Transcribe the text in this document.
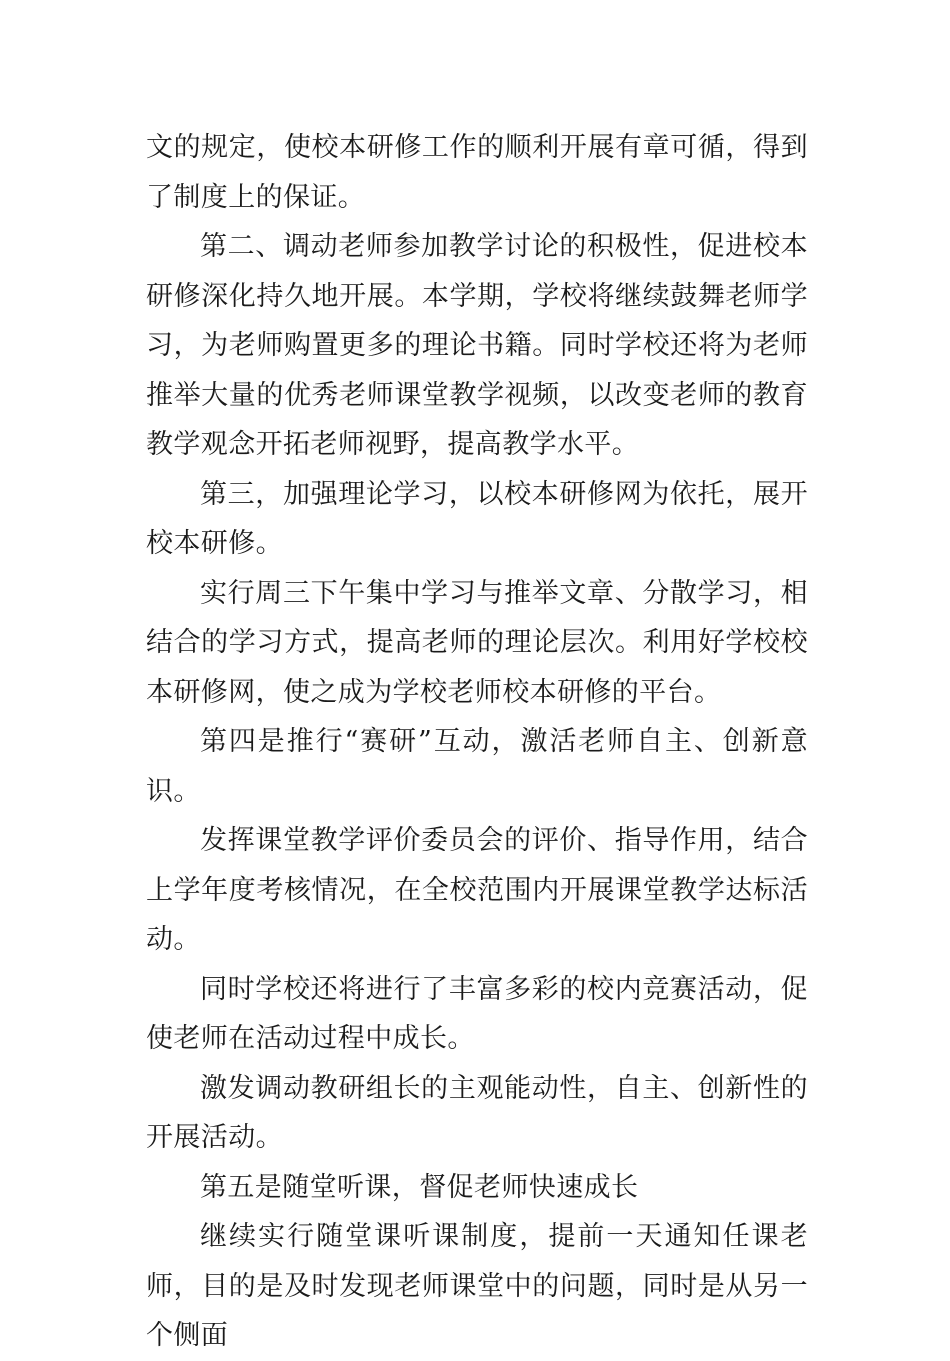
文的规定，使校本研修工作的顺利开展有章可循，得到了制度上的保证。

第二、调动老师参加教学讨论的积极性，促进校本研修深化持久地开展。本学期，学校将继续鼓舞老师学习，为老师购置更多的理论书籍。同时学校还将为老师推举大量的优秀老师课堂教学视频，以改变老师的教育教学观念开拓老师视野，提高教学水平。

第三，加强理论学习，以校本研修网为依托，展开校本研修。

实行周三下午集中学习与推举文章、分散学习，相结合的学习方式，提高老师的理论层次。利用好学校校本研修网，使之成为学校老师校本研修的平台。

第四是推行“赛研”互动，激活老师自主、创新意识。

发挥课堂教学评价委员会的评价、指导作用，结合上学年度考核情况，在全校范围内开展课堂教学达标活动。

同时学校还将进行了丰富多彩的校内竞赛活动，促使老师在活动过程中成长。

激发调动教研组长的主观能动性，自主、创新性的开展活动。

第五是随堂听课，督促老师快速成长

继续实行随堂课听课制度，提前一天通知任课老师，目的是及时发现老师课堂中的问题，同时是从另一个侧面
